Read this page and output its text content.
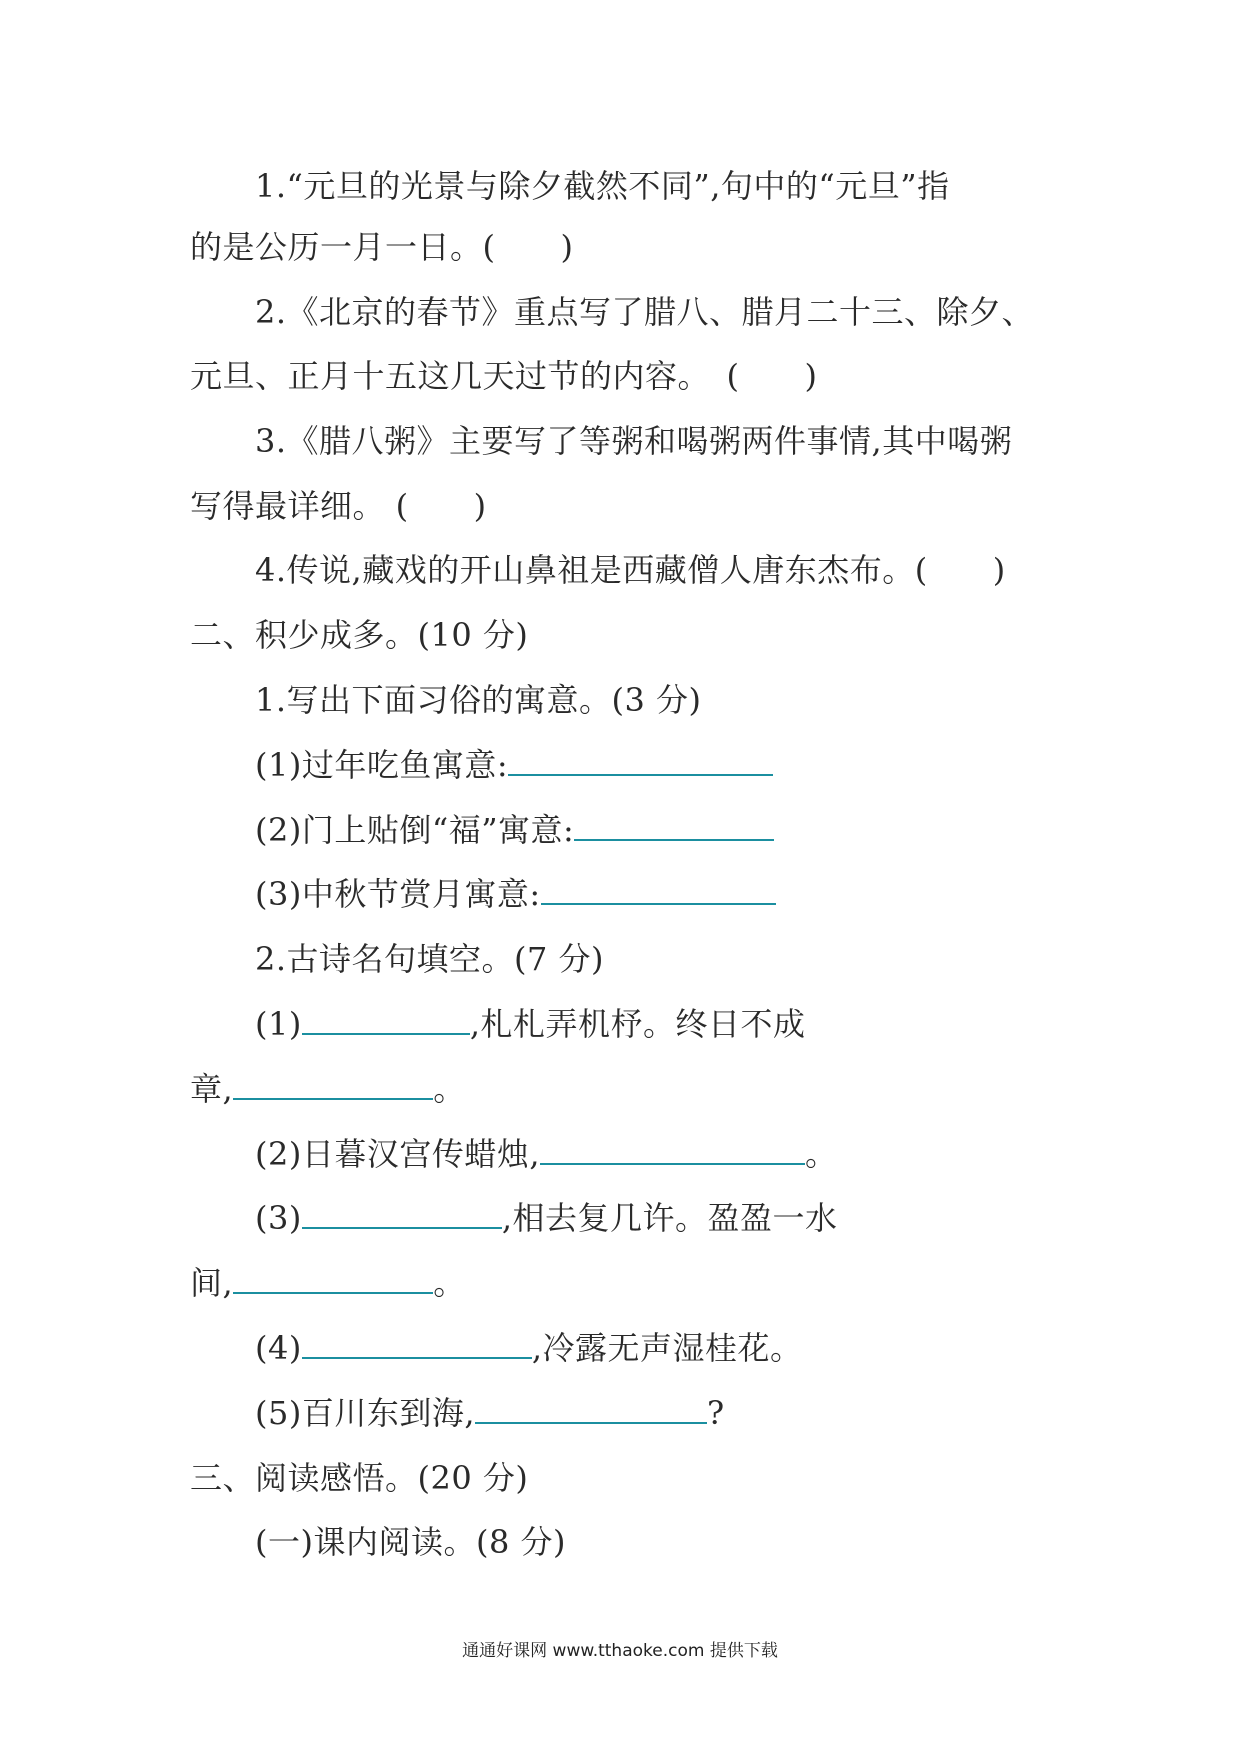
1.“元旦的光景与除夕截然不同”,句中的“元旦”指
的是公历一月一日。(　　)
2.《北京的春节》重点写了腊八、腊月二十三、除夕、
元旦、正月十五这几天过节的内容。　(　　)
3.《腊八粥》主要写了等粥和喝粥两件事情,其中喝粥
写得最详细。 (　　)
4.传说,藏戏的开山鼻祖是西藏僧人唐东杰布。(　　)
二、积少成多。(10 分)
1.写出下面习俗的寓意。(3 分)
(1)过年吃鱼寓意:
(2)门上贴倒“福”寓意:
(3)中秋节赏月寓意:
2.古诗名句填空。(7 分)
(1)	,札札弄机杼。终日不成
章,	。
(2)日暮汉宫传蜡烛,	。
(3)	,相去复几许。盈盈一水
间,	。
(4)	,冷露无声湿桂花。
(5)百川东到海,	?
三、阅读感悟。(20 分)
(一)课内阅读。(8 分)
通通好课网 www.tthaoke.com 提供下载
